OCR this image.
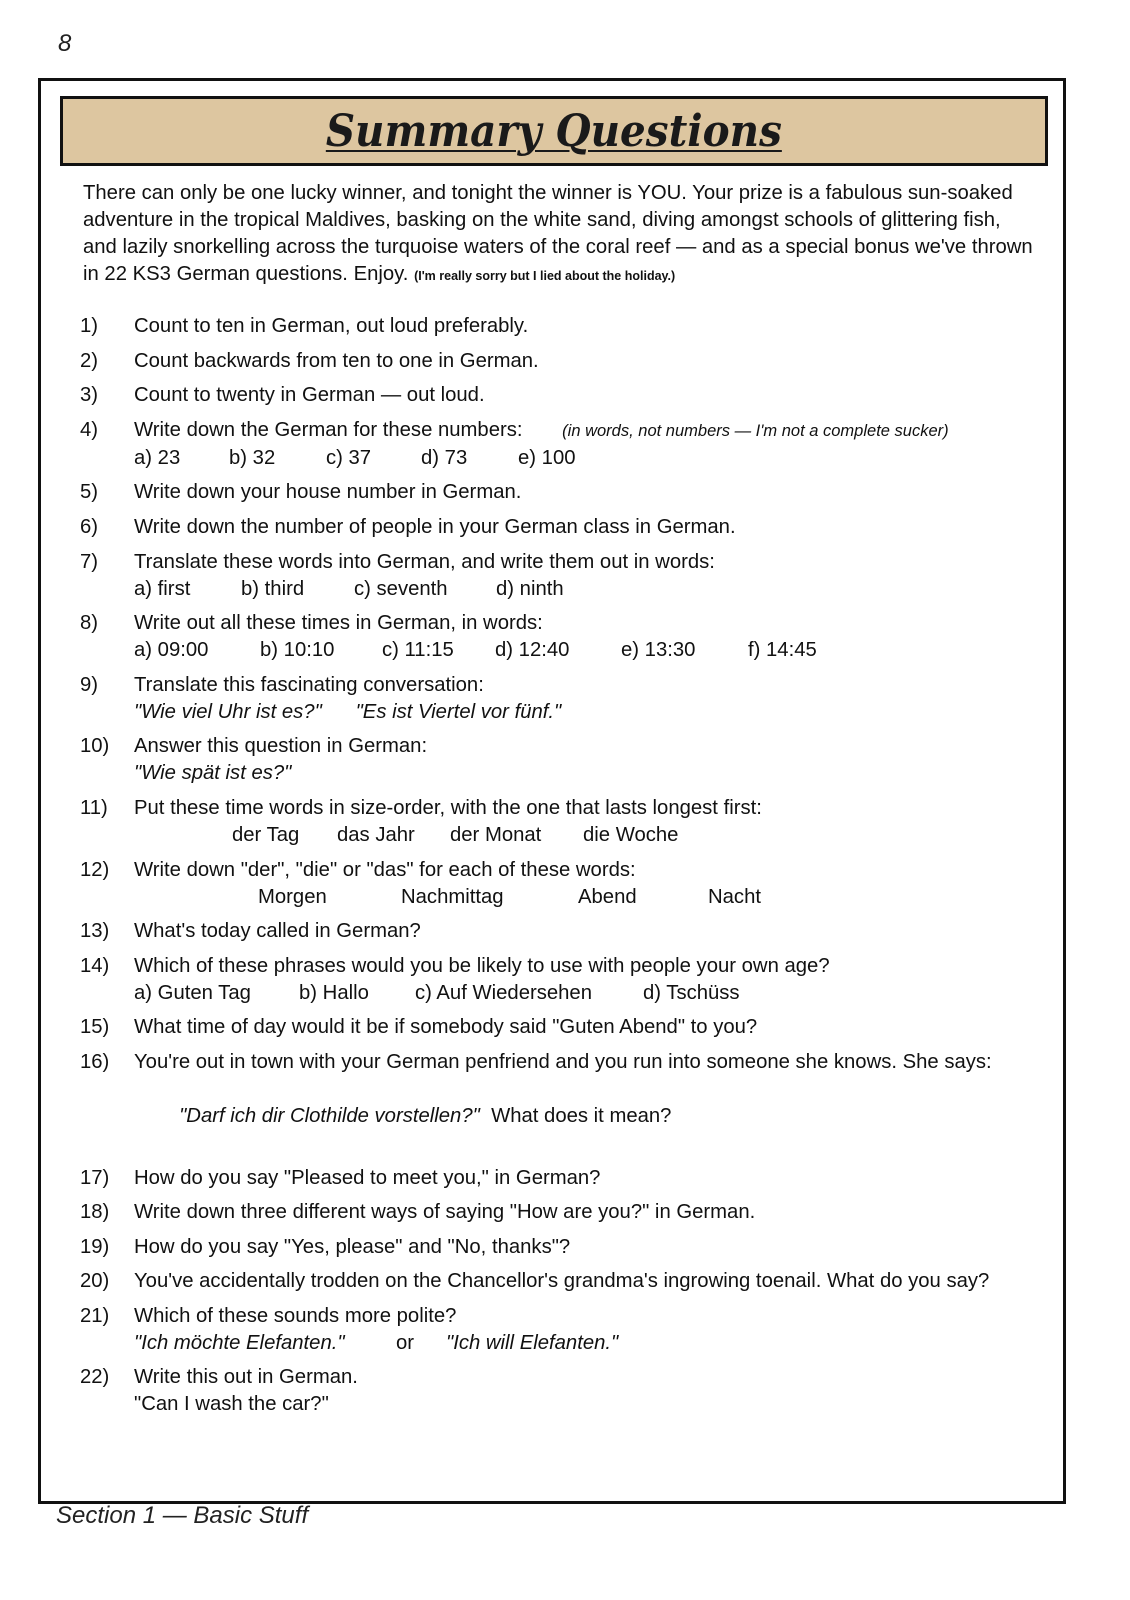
8
Summary Questions
There can only be one lucky winner, and tonight the winner is YOU. Your prize is a fabulous sun-soaked adventure in the tropical Maldives, basking on the white sand, diving amongst schools of glittering fish, and lazily snorkelling across the turquoise waters of the coral reef — and as a special bonus we've thrown in 22 KS3 German questions. Enjoy. (I'm really sorry but I lied about the holiday.)
1)	Count to ten in German, out loud preferably.
2)	Count backwards from ten to one in German.
3)	Count to twenty in German — out loud.
4)	Write down the German for these numbers: (in words, not numbers — I'm not a complete sucker)
a) 23 b) 32	c) 37 d) 73	e) 100
5)	Write down your house number in German.
6)	Write down the number of people in your German class in German.
7)	Translate these words into German, and write them out in words:
a) first b) third c) seventh d) ninth
8)	Write out all these times in German, in words:
a) 09:00	b) 10:10 c) 11:15 d) 12:40	e) 13:30	f) 14:45
9)	Translate this fascinating conversation:
"Wie viel Uhr ist es?"      "Es ist Viertel vor fünf."
10)	Answer this question in German:
"Wie spät ist es?"
11)	Put these time words in size-order, with the one that lasts longest first:
der Tag das Jahr der Monat die Woche
12)	Write down "der", "die" or "das" for each of these words:
Morgen	Nachmittag	Abend	Nacht
13)	What's today called in German?
14)	Which of these phrases would you be likely to use with people your own age?
a) Guten Tag b) Hallo c) Auf Wiedersehen	d) Tschüss
15)	What time of day would it be if somebody said "Guten Abend" to you?
16)	You're out in town with your German penfriend and you run into someone she knows. She says:

"Darf ich dir Clothilde vorstellen?"  What does it mean?

17)	How do you say "Pleased to meet you," in German?
18)	Write down three different ways of saying "How are you?" in German.
19)	How do you say "Yes, please" and "No, thanks"?
20)	You've accidentally trodden on the Chancellor's grandma's ingrowing toenail. What do you say?
21)	Which of these sounds more polite?
"Ich möchte Elefanten."	or "Ich will Elefanten."
22)	Write this out in German.
"Can I wash the car?"
Section 1 — Basic Stuff
